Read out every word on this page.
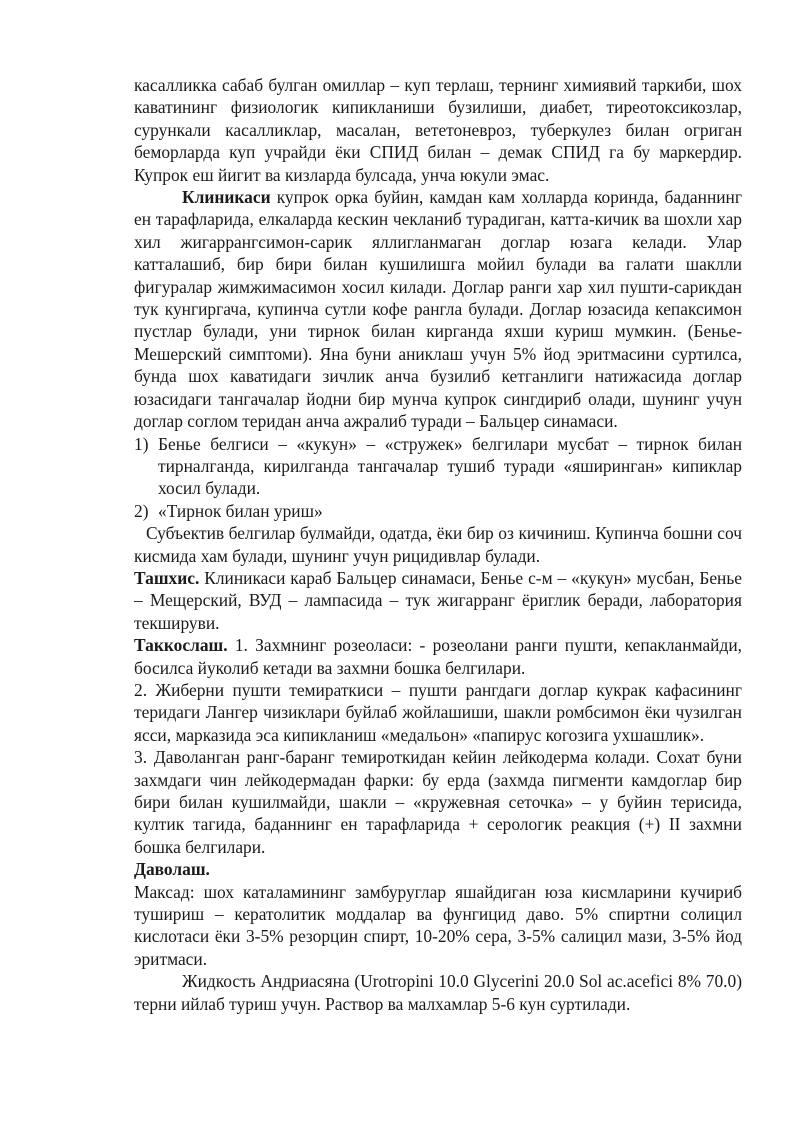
касалликка сабаб булган омиллар – куп терлаш, тернинг химиявий таркиби, шох каватининг физиологик кипикланиши бузилиши, диабет, тиреотоксикозлар, сурункали касалликлар, масалан, вететоневроз, туберкулез билан огриган беморларда куп учрайди ёки СПИД билан – демак СПИД га бу маркердир. Купрок еш йигит ва кизларда булсада, унча юкули эмас.

Клиникаси купрок орка буйин, камдан кам холларда коринда, баданнинг ен тарафларида, елкаларда кескин чекланиб турадиган, катта-кичик ва шохли хар хил жигаррангсимон-сарик яллигланмаган доглар юзага келади. Улар катталашиб, бир бири билан кушилишга мойил булади ва галати шаклли фигуралар жимжимасимон хосил килади. Доглар ранги хар хил пушти-сарикдан тук кунгиргача, купинча сутли кофе рангла булади. Доглар юзасида кепаксимон пустлар булади, уни тирнок билан кирганда яхши куриш мумкин. (Бенье-Мешерский симптоми). Яна буни аниклаш учун 5% йод эритмасини суртилса, бунда шох каватидаги зичлик анча бузилиб кетганлиги натижасида доглар юзасидаги тангачалар йодни бир мунча купрок сингдириб олади, шунинг учун доглар соглом теридан анча ажралиб туради – Бальцер синамаси.

1) Бенье белгиси – «кукун» – «стружек» белгилари мусбат – тирнок билан тирналганда, кирилганда тангачалар тушиб туради «яширинган» кипиклар хосил булади.
2) «Тирнок билан уриш»

Субъектив белгилар булмайди, одатда, ёки бир оз кичиниш. Купинча бошни соч кисмида хам булади, шунинг учун рицидивлар булади.

Ташхис. Клиникаси караб Бальцер синамаси, Бенье с-м – «кукун» мусбан, Бенье – Мещерский, ВУД – лампасида – тук жигарранг ёриглик беради, лаборатория текшируви.

Таккослаш. 1. Захмнинг розеоласи: - розеолани ранги пушти, кепакланмайди, босилса йуколиб кетади ва захмни бошка белгилари.

2. Жиберни пушти темираткиси – пушти рангдаги доглар кукрак кафасининг теридаги Лангер чизиклари буйлаб жойлашиши, шакли ромбсимон ёки чузилган ясси, марказида эса кипикланиш «медальон» «папирус когозига ухшашлик».

3. Даволанган ранг-баранг темироткидан кейин лейкодерма колади. Сохат буни захмдаги чин лейкодермадан фарки: бу ерда (захмда пигменти камдоглар бир бири билан кушилмайди, шакли – «кружевная сеточка» – у буйин терисида, култик тагида, баданнинг ен тарафларида + серологик реакция (+) II захмни бошка белгилари.

Даволаш.

Максад: шох каталамининг замбуруглар яшайдиган юза кисмларини кучириб тушириш – кератолитик моддалар ва фунгицид даво. 5% спиртни солицил кислотаси ёки 3-5% резорцин спирт, 10-20% сера, 3-5% салицил мази, 3-5% йод эритмаси.

Жидкость Андриасяна (Urotropini 10.0 Glycerini 20.0 Sol ac.acefici 8% 70.0) терни ийлаб туриш учун. Раствор ва малхамлар 5-6 кун суртилади.
